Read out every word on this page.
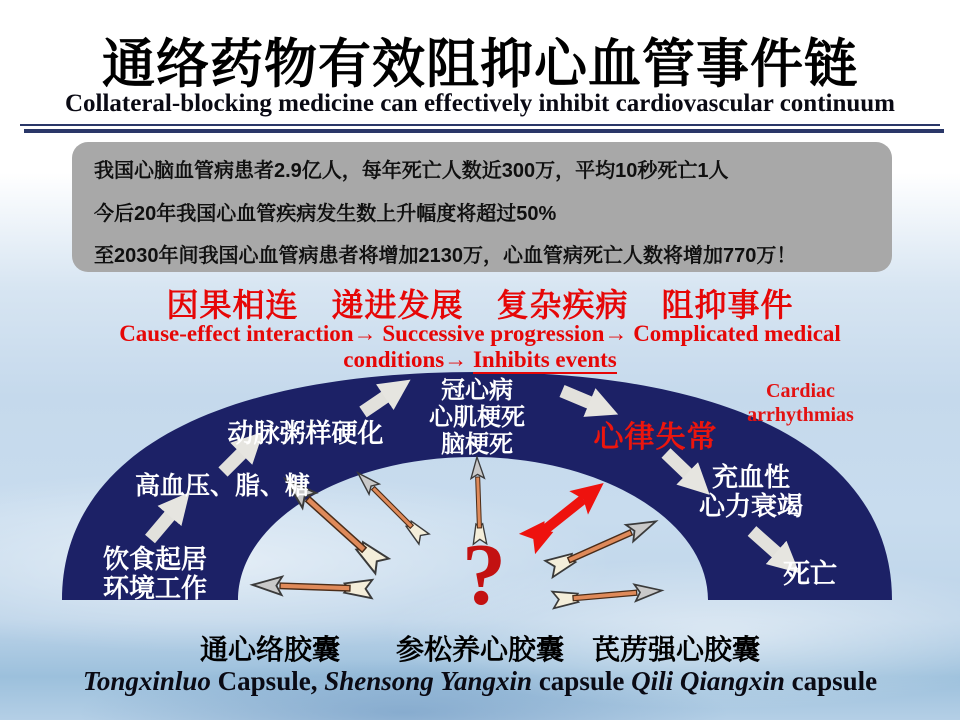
通络药物有效阻抑心血管事件链
Collateral-blocking medicine can effectively inhibit cardiovascular continuum
我国心脑血管病患者2.9亿人，每年死亡人数近300万，平均10秒死亡1人
今后20年我国心血管疾病发生数上升幅度将超过50%
至2030年间我国心血管病患者将增加2130万，心血管病死亡人数将增加770万！
因果相连　递进发展　复杂疾病　阻抑事件
Cause-effect interaction→ Successive progression→ Complicated medical
conditions→ Inhibits events
饮食起居
环境工作
高血压、脂、糖
动脉粥样硬化
冠心病
心肌梗死
脑梗死	心律失常
Cardiac
arrhythmias
充血性
心力衰竭
死亡
?
通心络胶囊　　参松养心胶囊　芪苈强心胶囊
Tongxinluo Capsule, Shensong Yangxin capsule Qili Qiangxin capsule
